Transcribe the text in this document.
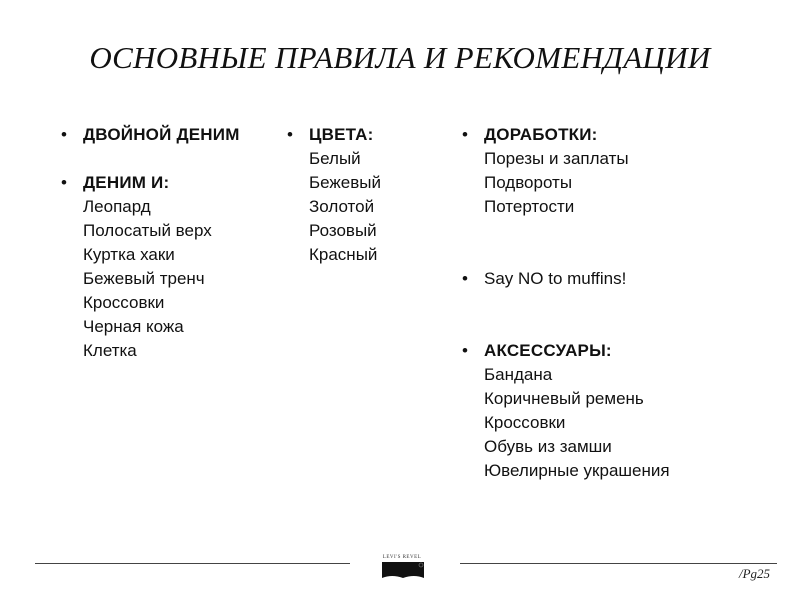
ОСНОВНЫЕ ПРАВИЛА И РЕКОМЕНДАЦИИ
• ДВОЙНОЙ ДЕНИМ
• ДЕНИМ И:
Леопард
Полосатый верх
Куртка хаки
Бежевый тренч
Кроссовки
Черная кожа
Клетка
• ЦВЕТА:
Белый
Бежевый
Золотой
Розовый
Красный
• ДОРАБОТКИ:
Порезы и заплаты
Подвороты
Потертости
• Say NO to muffins!
• АКСЕССУАРЫ:
Бандана
Коричневый ремень
Кроссовки
Обувь из замши
Ювелирные украшения
LEVI'S REVEL
/Pg25
